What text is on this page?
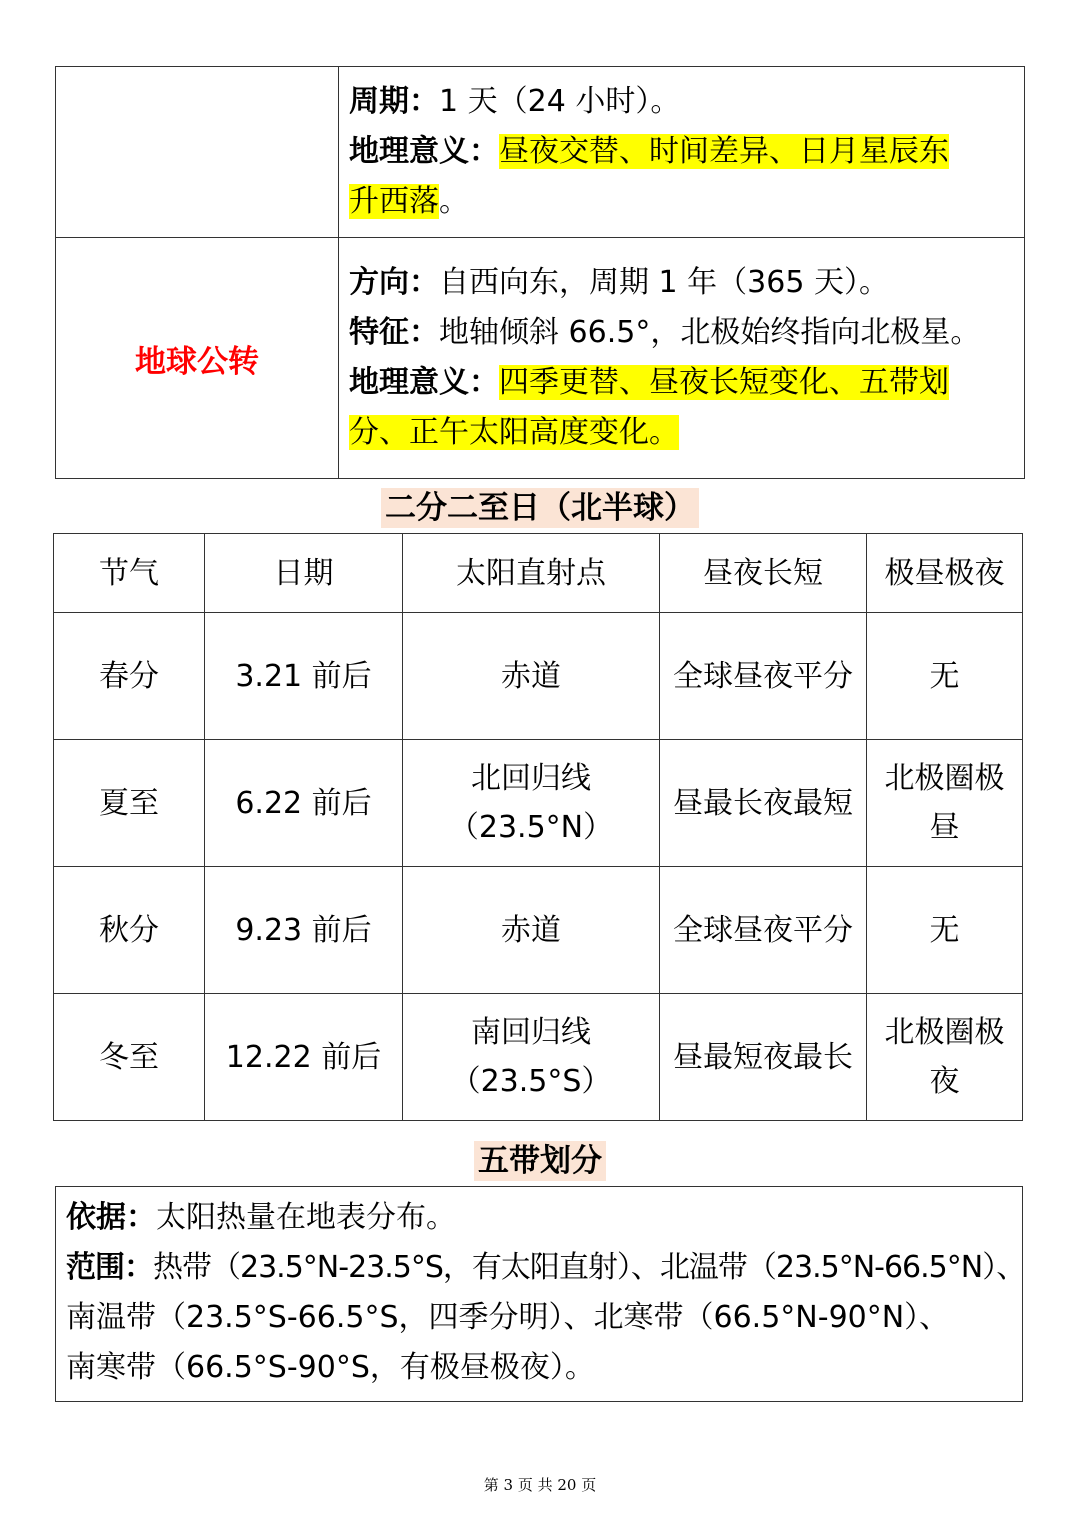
	周期：1 天（24 小时）。
地理意义：昼夜交替、时间差异、日月星辰东
升西落。

地球公转	方向：自西向东，周期 1 年（365 天）。
特征：地轴倾斜 66.5°，北极始终指向北极星。
地理意义：四季更替、昼夜长短变化、五带划
分、正午太阳高度变化。
二分二至日（北半球）
节气	日期	太阳直射点	昼夜长短	极昼极夜
春分	3.21 前后	赤道	全球昼夜平分	无
夏至	6.22 前后	北回归线（23.5°N）	昼最长夜最短	北极圈极昼
秋分	9.23 前后	赤道	全球昼夜平分	无
冬至	12.22 前后	南回归线（23.5°S）	昼最短夜最长	北极圈极夜
五带划分
依据：太阳热量在地表分布。
范围：热带（23.5°N-23.5°S，有太阳直射）、北温带（23.5°N-66.5°N）、
南温带（23.5°S-66.5°S，四季分明）、北寒带（66.5°N-90°N）、
南寒带（66.5°S-90°S，有极昼极夜）。
第 3 页 共 20 页
